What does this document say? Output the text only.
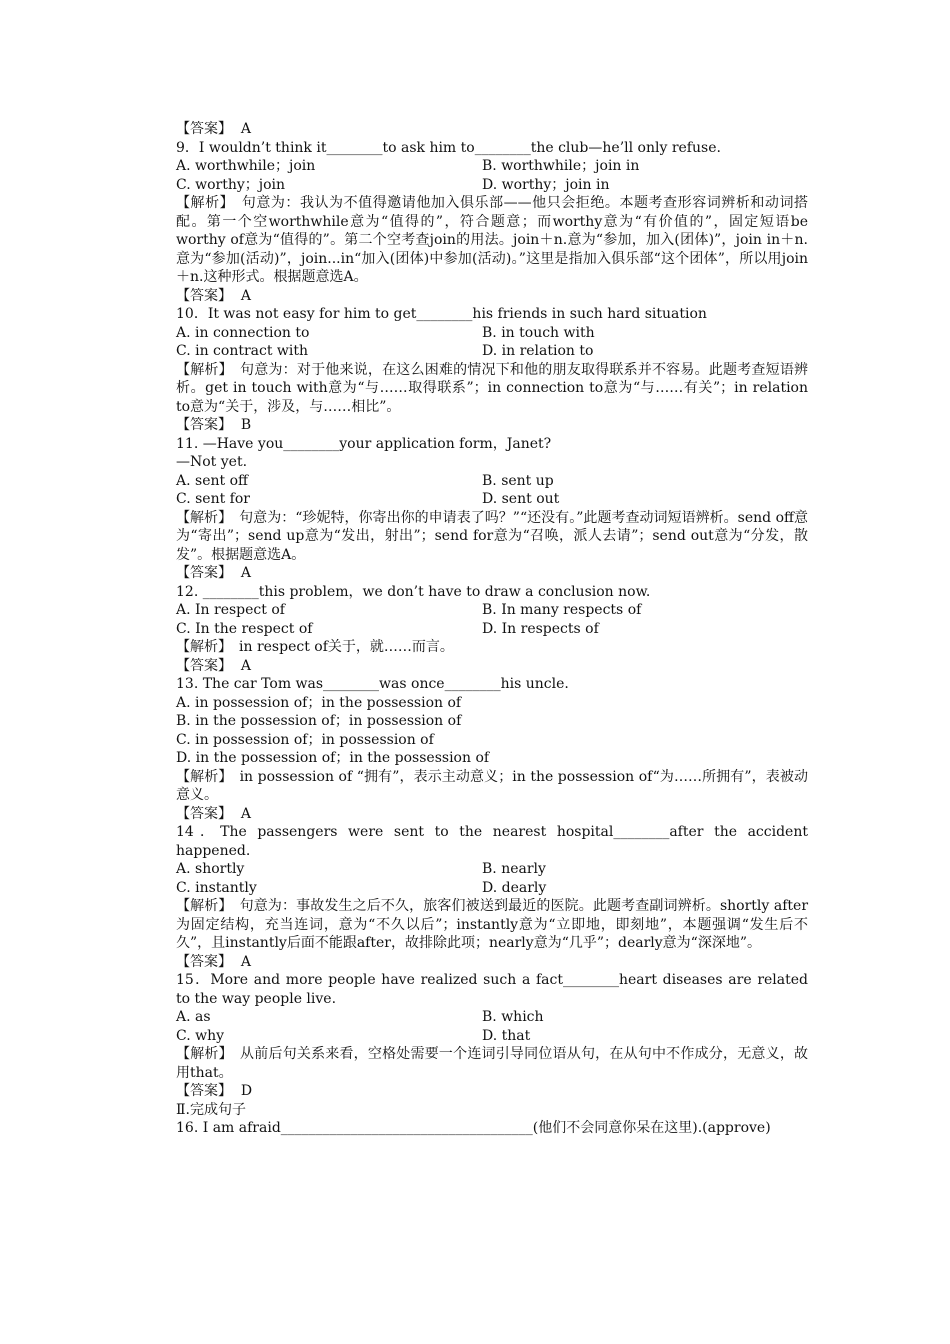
【答案】 A

9．I wouldn’t think it________to ask him to________the club—he’ll only refuse.

A. worthwhile；join	B. worthwhile；join in
C. worthy；join	D. worthy；join in

【解析】　 句意为：我认为不值得邀请他加入俱乐部——他只会拒绝。本题考查形容词辨析和动词搭配。第一个空worthwhile意为“值得的”，符合题意；而worthy意为“有价值的”，固定短语be worthy of意为“值得的”。第二个空考查join的用法。join＋n.意为“参加，加入(团体)”，join in＋n.意为“参加(活动)”，join...in“加入(团体)中参加(活动)。”这里是指加入俱乐部“这个团体”，所以用join＋n.这种形式。根据题意选A。

【答案】 A

10．It was not easy for him to get________his friends in such hard situation

A. in connection to	B. in touch with
C. in contract with	D. in relation to

【解析】　 句意为：对于他来说，在这么困难的情况下和他的朋友取得联系并不容易。此题考查短语辨析。get in touch with意为“与……取得联系”；in connection to意为“与……有关”；in relation to意为“关于，涉及，与……相比”。

【答案】 B

11. —Have you________your application form，Janet?

—Not yet.
A. sent off	B. sent up
C. sent for	D. sent out

【解析】　 句意为：“珍妮特，你寄出你的申请表了吗？”“还没有。”此题考查动词短语辨析。send off意为“寄出”；send up意为“发出，射出”；send for意为“召唤，派人去请”；send out意为“分发，散发”。根据题意选A。

【答案】 A

12. ________this problem，we don’t have to draw a conclusion now.

A. In respect of	B. In many respects of
C. In the respect of	D. In respects of

【解析】　 in respect of关于，就……而言。

【答案】 A

13. The car Tom was________was once________his uncle.

A. in possession of；in the possession of
B. in the possession of；in possession of
C. in possession of；in possession of
D. in the possession of；in the possession of

【解析】　 in possession of “拥有”，表示主动意义；in the possession of“为……所拥有”，表被动意义。

【答案】 A

14．The passengers were sent to the nearest hospital________after the accident happened.

A. shortly	B. nearly
C. instantly	D. dearly

【解析】　 句意为：事故发生之后不久，旅客们被送到最近的医院。此题考查副词辨析。shortly after为固定结构，充当连词，意为“不久以后”；instantly意为“立即地，即刻地”，本题强调“发生后不久”，且instantly后面不能跟after，故排除此项；nearly意为“几乎”；dearly意为“深深地”。

【答案】 A

15．More and more people have realized such a fact________heart diseases are related to the way people live.

A. as	B. which
C. why	D. that

【解析】　 从前后句关系来看，空格处需要一个连词引导同位语从句，在从句中不作成分，无意义，故用that。

【答案】 D
Ⅱ.完成句子

16. I am afraid____________________________________(他们不会同意你呆在这里).(approve)
